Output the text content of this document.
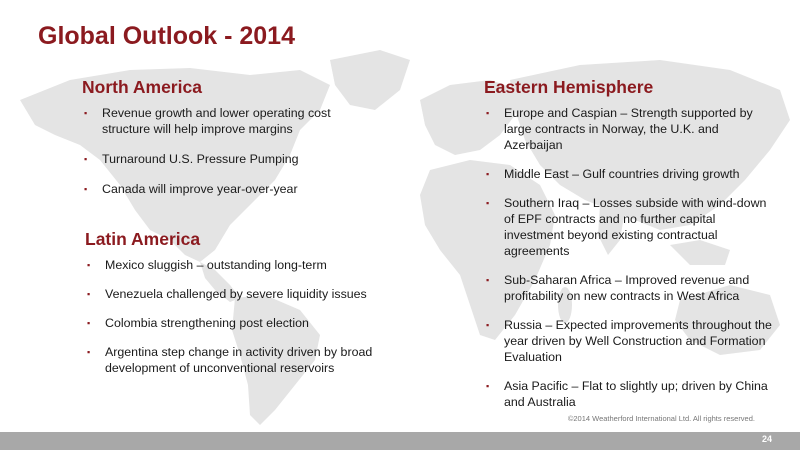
Global Outlook - 2014
North America
▪ Revenue growth and lower operating cost structure will help improve margins
▪ Turnaround U.S. Pressure Pumping
▪ Canada will improve year-over-year
Latin America
▪ Mexico sluggish – outstanding long-term
▪ Venezuela challenged by severe liquidity issues
▪ Colombia strengthening post election
▪ Argentina step change in activity driven by broad development of unconventional reservoirs
Eastern Hemisphere
▪ Europe and Caspian – Strength supported by large contracts in Norway, the U.K. and Azerbaijan
▪ Middle East – Gulf countries driving growth
▪ Southern Iraq – Losses subside with wind-down of EPF contracts and no further capital investment beyond existing contractual agreements
▪ Sub-Saharan Africa – Improved revenue and profitability on new contracts in West Africa
▪ Russia – Expected improvements throughout the year driven by Well Construction and Formation Evaluation
▪ Asia Pacific – Flat to slightly up; driven by China and Australia
©2014 Weatherford International Ltd. All rights reserved.
24
